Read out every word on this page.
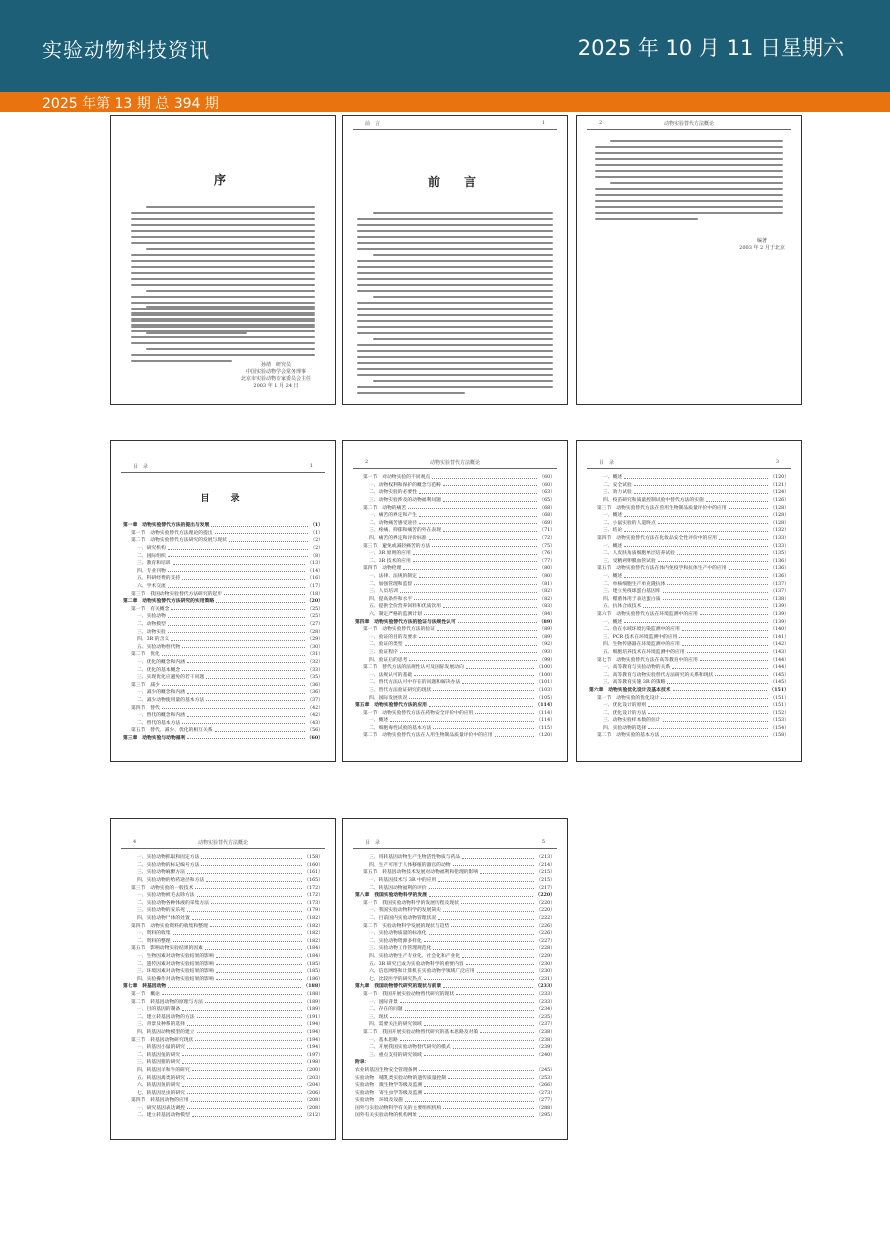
实验动物科技资讯	2025 年 10 月 11 日星期六
2025 年第 13 期 总 394 期
序
孙靖　研究员
中国实验动物学会常务理事
北京市实验动物专家委员会主任
2003 年 1 月 24 日
前　言	1
前　言
2	动物实验替代方法概论
编著
2003 年 2 月于北京
目　录	1
目　录
第一章　动物实验替代方法的提出与发展	（1）
第一节　动物实验替代方法理论的提出	（1）
第二节　动物实验替代方法研究的发展与现状	（2）
一、研究机构	（2）
二、国际组织	（8）
三、教育和培训	（13）
四、专业刊物	（14）
五、科研经费的支持	（16）
六、学术交流	（17）
第三节　我国动物实验替代方法研究的起步	（18）
第二章　动物实验替代方法研究的实用策略	（20）
第一节　有关概念	（25）
一、实验动物	（25）
二、动物模型	（27）
三、动物实验	（28）
四、3R 的含义	（29）
五、实验动物替代物	（30）
第二节　优化	（31）
一、优化的概念和内涵	（32）
二、优化的基本概念	（33）
三、实现优化应避免的若干问题	（35）
第三节　减少	（36）
一、减少的概念和内涵	（36）
二、减少动物使用量的基本方法	（37）
第四节　替代	（42）
一、替代的概念和内涵	（42）
二、替代的基本方法	（43）
第五节　替代、减少、优化的相互关系	（56）
第三章　动物实验与动物福利	（60）
2	动物实验替代方法概论
第一节　对动物实验的不同观点	（60）
一、动物权利和保护的概念与范畴	（60）
二、动物实验的必要性	（63）
三、动物实验涉及的动物福利问题	（65）
第二节　动物的痛苦	（68）
一、痛苦的界定和产生	（68）
二、动物痛苦感受途径	（69）
三、疼痛、抑郁和痛苦的外在表现	（71）
四、痛苦的界定和评价标准	（72）
第三节　避免或减轻痛苦的方法	（75）
一、3R 原则的应用	（76）
二、3R 技术的应用	（77）
第四节　动物伦理	（80）
一、法律、法规的制定	（80）
二、加强管理和监督	（81）
三、人员培训	（82）
四、提高条件和水平	（82）
五、提供全价营养饲料和优质饮用	（83）
六、制定严格的监测计划	（84）
第四章　动物实验替代方法的验证与法规性认可	（89）
第一节　动物实验替代方法的验证	（89）
一、验证的目的及要求	（89）
二、验证的类型	（92）
三、验证程序	（93）
四、验证后的思考	（99）
第二节　替代方法的法规性认可及国际发展动向	（100）
一、法规认可的基础	（100）
二、替代方法认可中存在的问题和解决办法	（101）
三、替代方法验证研究的现状	（103）
四、国际发展状况	（105）
第五章　动物实验替代方法的应用	（114）
第一节　动物实验替代方法在药物安全评价中的应用	（114）
一、概述	（114）
二、细胞毒性试验的基本方法	（115）
第二节　动物实验替代方法在人用生物制品质量评价中的应用	（120）
目　录	3
一、概述	（120）
二、安全试验	（121）
三、效力试验	（124）
四、疫苗研究和质量控制试验中替代方法的实施	（126）
第三节　动物实验替代方法在兽用生物制品质量评价中的应用	（128）
一、概述	（128）
二、小鼠实验的人道终点	（128）
三、结论	（132）
第四节　动物实验替代方法在化妆品安全性评价中的应用	（133）
一、概述	（133）
二、人皮肤角质细胞单层培养试验	（135）
三、受精鸡卵膜血管试验	（136）
第五节　动物实验替代方法在体内免疫学和抗体生产中的应用	（136）
一、概述	（136）
二、单核细胞生产单克隆抗体	（137）
三、建立免疫球蛋白基因库	（137）
四、噬菌体用于表达蛋白质	（138）
五、抗体合成技术	（139）
第六节　动物实验替代方法在环境监测中的应用	（139）
一、概述	（139）
二、鱼在水域环境污染监测中的应用	（140）
三、PCR 技术在环境监测中的应用	（141）
四、生物传感器在环境监测中的应用	（142）
五、细胞培养技术在环境监测中的应用	（143）
第七节　动物实验替代方法在高等教育中的应用	（144）
一、高等教育与实验动物的关系	（144）
二、高等教育与动物实验替代方法研究的关系和现状	（145）
三、高等教育实施 3R 的策略	（145）
第六章　动物实验优化设计及基本技术	（151）
第一节　动物实验的优化设计	（151）
一、优化设计的原则	（151）
二、优化设计的方法	（152）
三、动物实验样本数的估计	（153）
四、实验动物的选择	（154）
第二节　动物实验的基本方法	（158）
4	动物实验替代方法概论
一、实验动物抓取和固定方法	（158）
二、实验动物的标记编号方法	（160）
三、实验动物麻醉方法	（161）
四、实验动物的给药途径和方法	（165）
第三节　动物实验的一般技术	（172）
一、实验动物被毛去除方法	（172）
二、实验动物各种体液的采集方法	（173）
三、实验动物的安乐死	（179）
四、实验动物尸体的处置	（182）
第四节　动物实验资料的收集和整理	（182）
一、资料的收集	（182）
二、资料的整理	（182）
第五节　影响动物实验结果的因素	（184）
一、生物因素对动物实验结果的影响	（184）
二、遗传因素对动物实验结果的影响	（185）
三、环境因素对动物实验结果的影响	（185）
四、实验操作对动物实验结果的影响	（186）
第七章　转基因动物	（188）
第一节　概论	（188）
第二节　转基因动物的原理与方法	（189）
一、目的基因的制备	（189）
二、建立转基因动物的方法	（191）
三、背景及种系的选择	（194）
四、转基因动物模型的建立	（194）
第三节　转基因动物研究现状	（194）
一、转基因小鼠的研究	（194）
二、转基因兔的研究	（197）
三、转基因猪的研究	（198）
四、转基因羊和牛的研究	（200）
五、转基因禽类的研究	（203）
六、转基因鱼的研究	（204）
七、转基因昆虫的研究	（206）
第四节　转基因动物的应用	（208）
一、研究基因表达调控	（208）
二、建立转基因动物模型	（212）
目　录	5
三、用转基因动物生产生物活性物质与药品	（213）
四、生产可用于人体移植的器官的动物	（214）
第五节　转基因动物技术发展对动物福利和伦理的影响	（215）
一、转基因技术与 3R 中的应用	（215）
二、转基因动物福利的评价	（217）
第八章　我国实验动物科学的发展	（220）
第一节　我国实验动物科学的发展历程及现状	（220）
一、我国实验动物科学的发展简史	（220）
二、目前国内实验动物管理状况	（222）
第二节　实验动物科学发展的现状与趋势	（226）
一、实验动物质量的标准化	（226）
二、实验动物资源多样化	（227）
三、实验动物工作管理规范化	（228）
四、实验动物生产专业化、社会化和产业化	（229）
五、3R 研究已成为实验动物科学的重要内容	（230）
六、信息网络和计算机在实验动物学领域广泛应用	（230）
七、比较医学的研究热点	（231）
第九章　我国动物替代研究的现状与前景	（233）
第一节　我国开展实验动物替代研究的现状	（233）
一、国际背景	（233）
二、存在的问题	（234）
三、现状	（235）
四、需要关注的研究领域	（237）
第二节　我国开展实验动物替代研究的基本思路及对策	（238）
一、基本思路	（238）
二、开展我国实验动物替代研究的模式	（239）
三、重点支持的研究领域	（240）
附录：
农业转基因生物安全管理条例	（245）
实验动物　哺乳类实验动物的遗传质量控制	（253）
实验动物　微生物学等级及监测	（266）
实验动物　寄生虫学等级及监测	（273）
实验动物　环境及设施	（277）
国外与实验动物科学有关的主要组织机构	（288）
国外有关实验动物的机构网址	（295）
